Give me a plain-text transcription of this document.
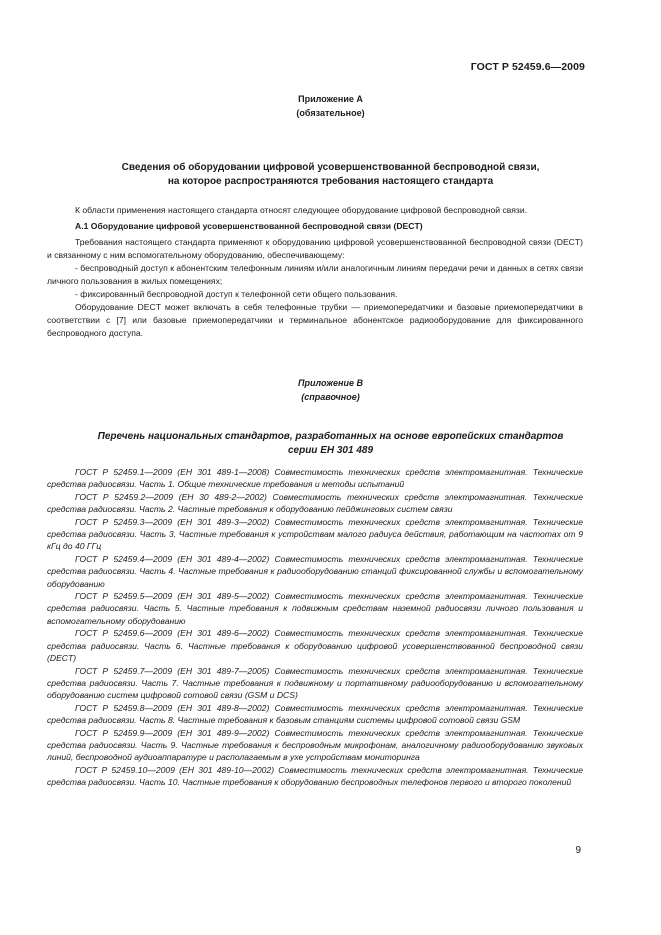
ГОСТ Р 52459.6—2009
Приложение А
(обязательное)
Сведения об оборудовании цифровой усовершенствованной беспроводной связи,
на которое распространяются требования настоящего стандарта

К области применения настоящего стандарта относят следующее оборудование цифровой беспроводной связи.

А.1 Оборудование цифровой усовершенствованной беспроводной связи (DECT)

Требования настоящего стандарта применяют к оборудованию цифровой усовершенствованной беспроводной связи (DECT) и связанному с ним вспомогательному оборудованию, обеспечивающему:

- беспроводный доступ к абонентским телефонным линиям и/или аналогичным линиям передачи речи и данных в сетях связи личного пользования в жилых помещениях;

- фиксированный беспроводной доступ к телефонной сети общего пользования.

Оборудование DECT может включать в себя телефонные трубки — приемопередатчики и базовые приемопередатчики в соответствии с [7] или базовые приемопередатчики и терминальное абонентское радиооборудование для фиксированного беспроводного доступа.

Приложение В
(справочное)
Перечень национальных стандартов, разработанных на основе европейских стандартов
серии ЕН 301 489

ГОСТ Р 52459.1—2009 (ЕН 301 489-1—2008) Совместимость технических средств электромагнитная. Технические средства радиосвязи. Часть 1. Общие технические требования и методы испытаний

ГОСТ Р 52459.2—2009 (ЕН 30 489-2—2002) Совместимость технических средств электромагнитная. Технические средства радиосвязи. Часть 2. Частные требования к оборудованию пейджинговых систем связи

ГОСТ Р 52459.3—2009 (ЕН 301 489-3—2002) Совместимость технических средств электромагнитная. Технические средства радиосвязи. Часть 3. Частные требования к устройствам малого радиуса действия, работающим на частотах от 9 кГц до 40 ГГц

ГОСТ Р 52459.4—2009 (ЕН 301 489-4—2002) Совместимость технических средств электромагнитная. Технические средства радиосвязи. Часть 4. Частные требования к радиооборудованию станций фиксированной службы и вспомогательному оборудованию

ГОСТ Р 52459.5—2009 (ЕН 301 489-5—2002) Совместимость технических средств электромагнитная. Технические средства радиосвязи. Часть 5. Частные требования к подвижным средствам наземной радиосвязи личного пользования и вспомогательному оборудованию

ГОСТ Р 52459.6—2009 (ЕН 301 489-6—2002) Совместимость технических средств электромагнитная. Технические средства радиосвязи. Часть 6. Частные требования к оборудованию цифровой усовершенствованной беспроводной связи (DECT)

ГОСТ Р 52459.7—2009 (ЕН 301 489-7—2005) Совместимость технических средств электромагнитная. Технические средства радиосвязи. Часть 7. Частные требования к подвижному и портативному радиооборудованию и вспомогательному оборудованию систем цифровой сотовой связи (GSM и DCS)

ГОСТ Р 52459.8—2009 (ЕН 301 489-8—2002) Совместимость технических средств электромагнитная. Технические средства радиосвязи. Часть 8. Частные требования к базовым станциям системы цифровой сотовой связи GSM

ГОСТ Р 52459.9—2009 (ЕН 301 489-9—2002) Совместимость технических средств электромагнитная. Технические средства радиосвязи. Часть 9. Частные требования к беспроводным микрофонам, аналогичному радиооборудованию звуковых линий, беспроводной аудиоаппаратуре и располагаемым в ухе устройствам мониторинга

ГОСТ Р 52459.10—2009 (ЕН 301 489-10—2002) Совместимость технических средств электромагнитная. Технические средства радиосвязи. Часть 10. Частные требования к оборудованию беспроводных телефонов первого и второго поколений

9
